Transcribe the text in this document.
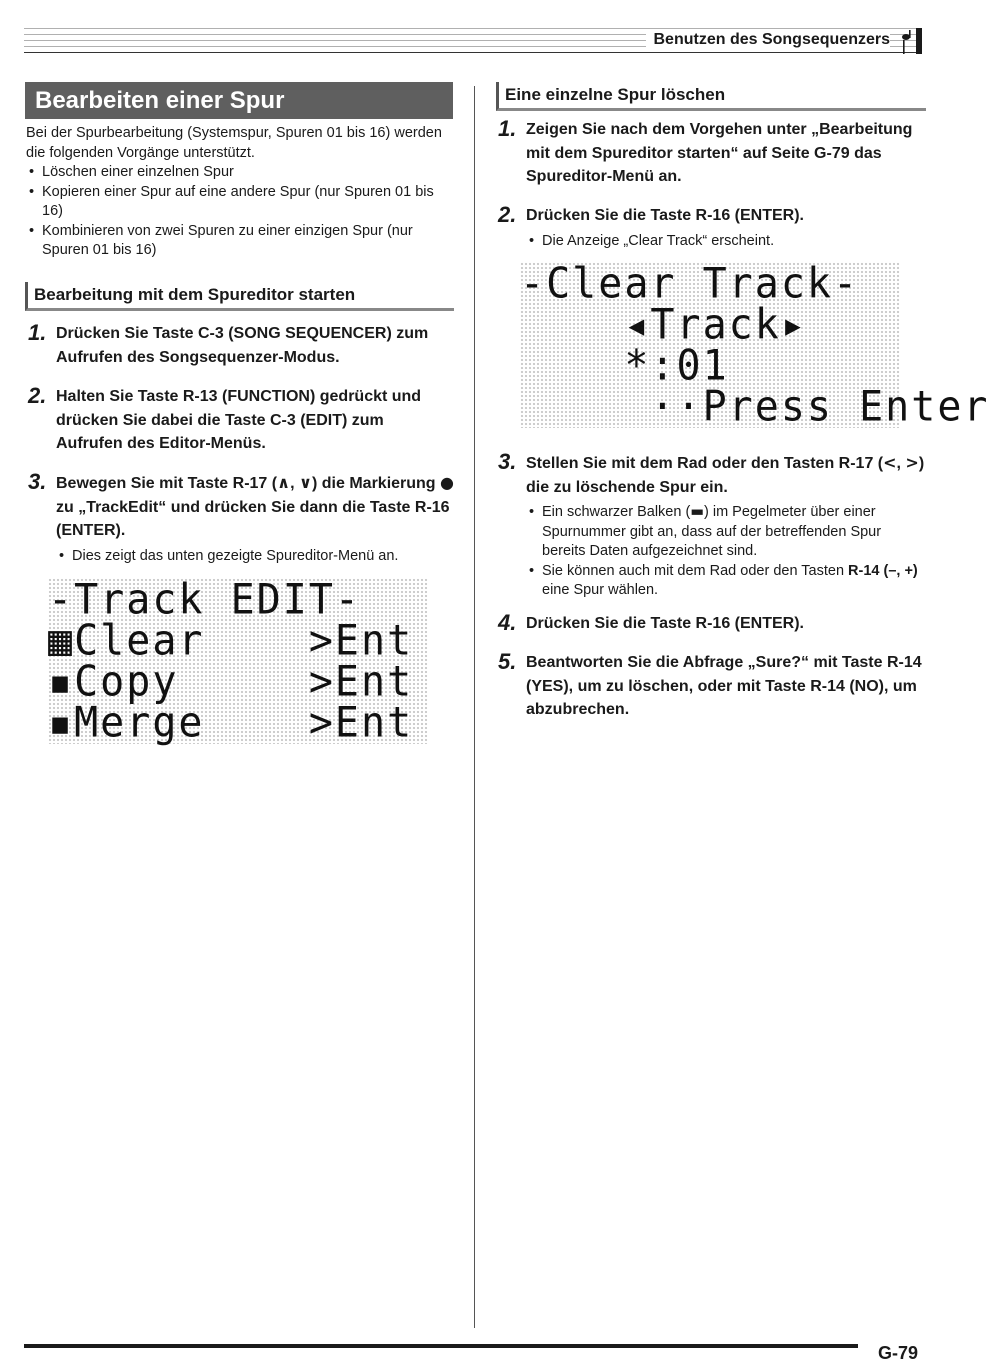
Benutzen des Songsequenzers
Bearbeiten einer Spur

Bei der Spurbearbeitung (Systemspur, Spuren 01 bis 16) werden die folgenden Vorgänge unterstützt.

• Löschen einer einzelnen Spur
• Kopieren einer Spur auf eine andere Spur (nur Spuren 01 bis 16)
• Kombinieren von zwei Spuren zu einer einzigen Spur (nur Spuren 01 bis 16)
Bearbeitung mit dem Spureditor starten
1. Drücken Sie Taste C-3 (SONG SEQUENCER) zum Aufrufen des Songsequenzer-Modus.
2. Halten Sie Taste R-13 (FUNCTION) gedrückt und drücken Sie dabei die Taste C-3 (EDIT) zum Aufrufen des Editor-Menüs.
3. Bewegen Sie mit Taste R-17 (∧, ∨) die Markierung ● zu „TrackEdit“ und drücken Sie dann die Taste R-16 (ENTER).
• Dies zeigt das unten gezeigte Spureditor-Menü an.

-Track EDIT-

▦Clear    >Ent

▪Copy     >Ent

▪Merge    >Ent

Eine einzelne Spur löschen
1. Zeigen Sie nach dem Vorgehen unter „Bearbeitung mit dem Spureditor starten“ auf Seite G-79 das Spureditor-Menü an.
2. Drücken Sie die Taste R-16 (ENTER).
• Die Anzeige „Clear Track“ erscheint.

-Clear Track-

◂Track▸

*:01

··Press Enter

3. Stellen Sie mit dem Rad oder den Tasten R-17 (<, >) die zu löschende Spur ein.
• Ein schwarzer Balken (▬) im Pegelmeter über einer Spurnummer gibt an, dass auf der betreffenden Spur bereits Daten aufgezeichnet sind.
• Sie können auch mit dem Rad oder den Tasten R-14 (–, +) eine Spur wählen.
4. Drücken Sie die Taste R-16 (ENTER).
5. Beantworten Sie die Abfrage „Sure?“ mit Taste R-14 (YES), um zu löschen, oder mit Taste R-14 (NO), um abzubrechen.
G-79
